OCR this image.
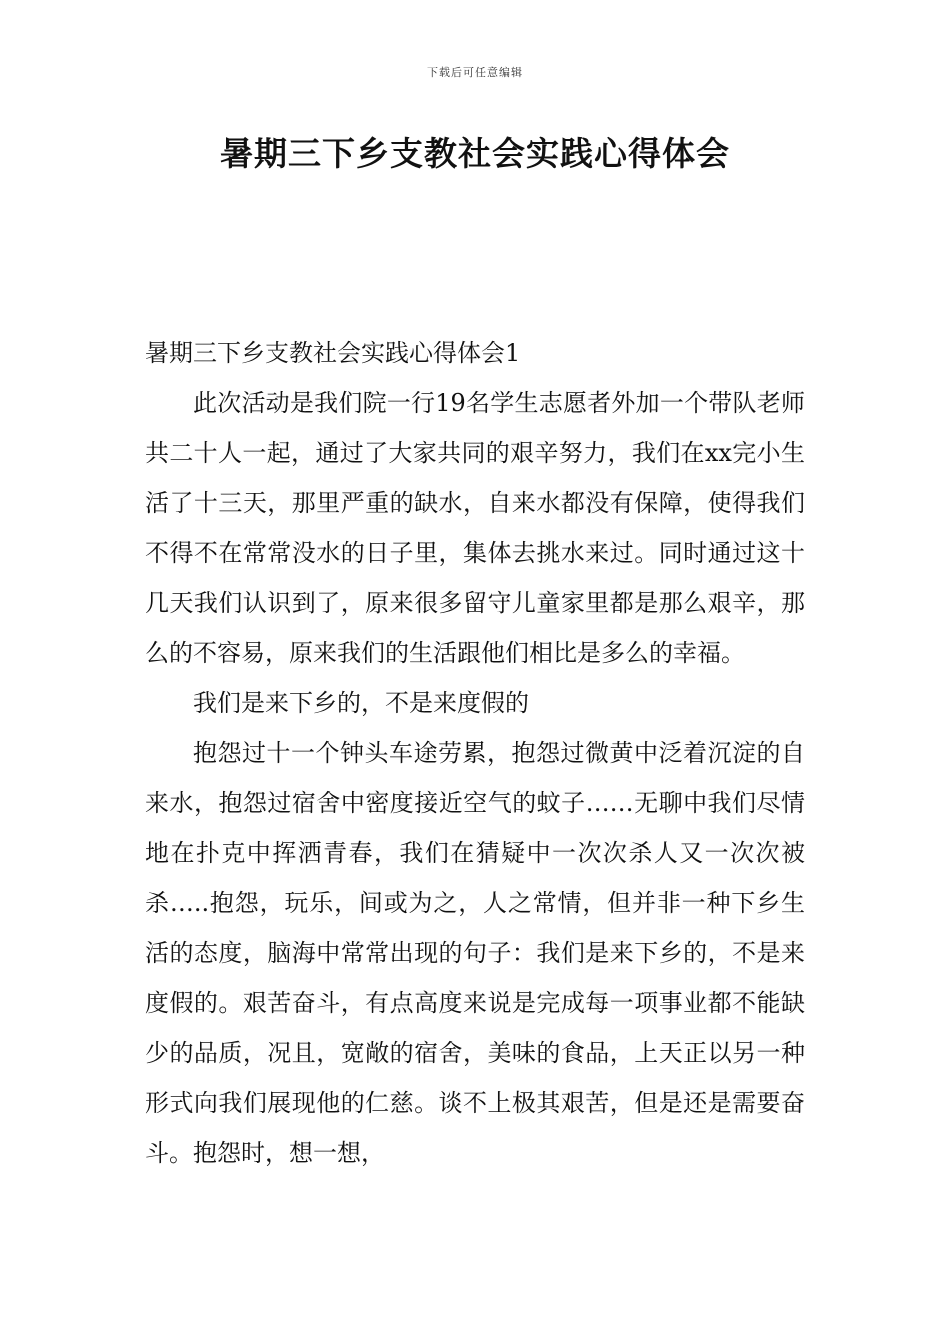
下载后可任意编辑
暑期三下乡支教社会实践心得体会

暑期三下乡支教社会实践心得体会1

此次活动是我们院一行19名学生志愿者外加一个带队老师共二十人一起，通过了大家共同的艰辛努力，我们在xx完小生活了十三天，那里严重的缺水，自来水都没有保障，使得我们不得不在常常没水的日子里，集体去挑水来过。同时通过这十几天我们认识到了，原来很多留守儿童家里都是那么艰辛，那么的不容易，原来我们的生活跟他们相比是多么的幸福。

我们是来下乡的，不是来度假的

抱怨过十一个钟头车途劳累，抱怨过微黄中泛着沉淀的自来水，抱怨过宿舍中密度接近空气的蚊子……无聊中我们尽情地在扑克中挥洒青春，我们在猜疑中一次次杀人又一次次被杀…..抱怨，玩乐，间或为之，人之常情，但并非一种下乡生活的态度，脑海中常常出现的句子：我们是来下乡的，不是来度假的。艰苦奋斗，有点高度来说是完成每一项事业都不能缺少的品质，况且，宽敞的宿舍，美味的食品，上天正以另一种形式向我们展现他的仁慈。谈不上极其艰苦，但是还是需要奋斗。抱怨时，想一想，
